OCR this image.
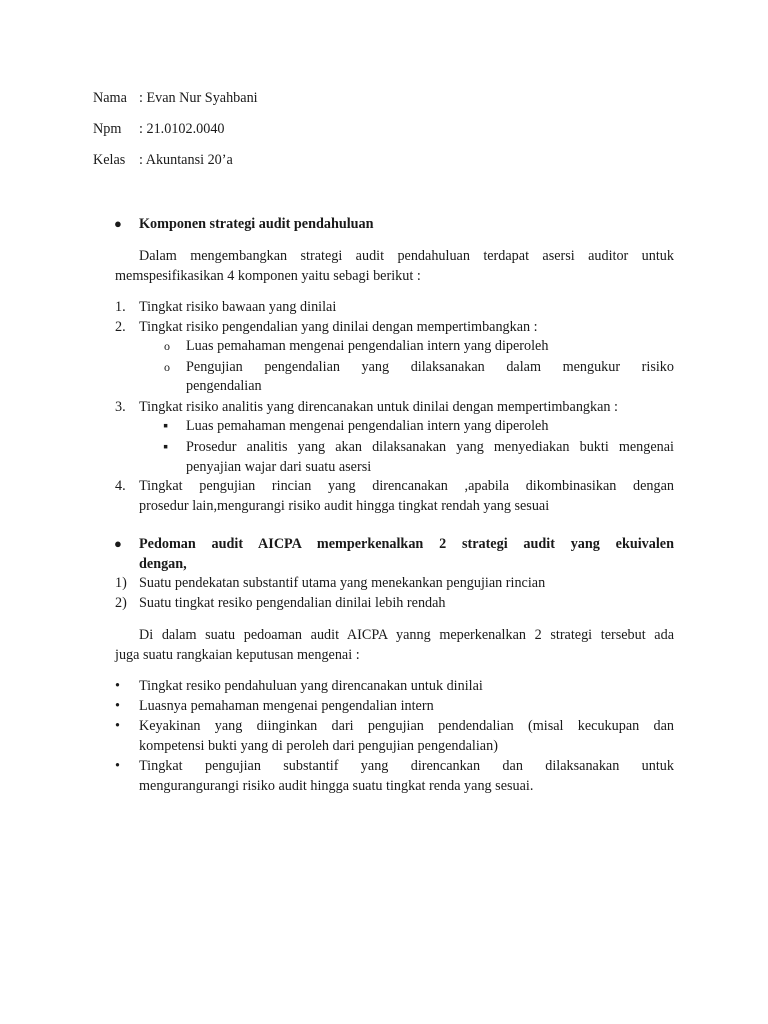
Nama : Evan Nur Syahbani
Npm : 21.0102.0040
Kelas : Akuntansi 20’a
● Komponen strategi audit pendahuluan
Dalam mengembangkan strategi audit pendahuluan terdapat asersi auditor untuk
memspesifikasikan 4 komponen yaitu sebagi berikut :
1. Tingkat risiko bawaan yang dinilai
2. Tingkat risiko pengendalian yang dinilai dengan mempertimbangkan :
o Luas pemahaman mengenai pengendalian intern yang diperoleh
o Pengujian pengendalian yang dilaksanakan dalam mengukur risiko
pengendalian
3. Tingkat risiko analitis yang direncanakan untuk dinilai dengan mempertimbangkan :
▪ Luas pemahaman mengenai pengendalian intern yang diperoleh
▪ Prosedur analitis yang akan dilaksanakan yang menyediakan bukti mengenai
penyajian wajar dari suatu asersi
4. Tingkat pengujian rincian yang direncanakan ,apabila dikombinasikan dengan
prosedur lain,mengurangi risiko audit hingga tingkat rendah yang sesuai
● Pedoman audit AICPA memperkenalkan 2 strategi audit yang ekuivalen
dengan,
1) Suatu pendekatan substantif utama yang menekankan pengujian rincian
2) Suatu tingkat resiko pengendalian dinilai lebih rendah
Di dalam suatu pedoaman audit AICPA yanng meperkenalkan 2 strategi tersebut ada
juga suatu rangkaian keputusan mengenai :
• Tingkat resiko pendahuluan yang direncanakan untuk dinilai
• Luasnya pemahaman mengenai pengendalian intern
• Keyakinan yang diinginkan dari pengujian pendendalian (misal kecukupan dan
kompetensi bukti yang di peroleh dari pengujian pengendalian)
• Tingkat pengujian substantif yang direncankan dan dilaksanakan untuk
mengurangurangi risiko audit hingga suatu tingkat renda yang sesuai.
